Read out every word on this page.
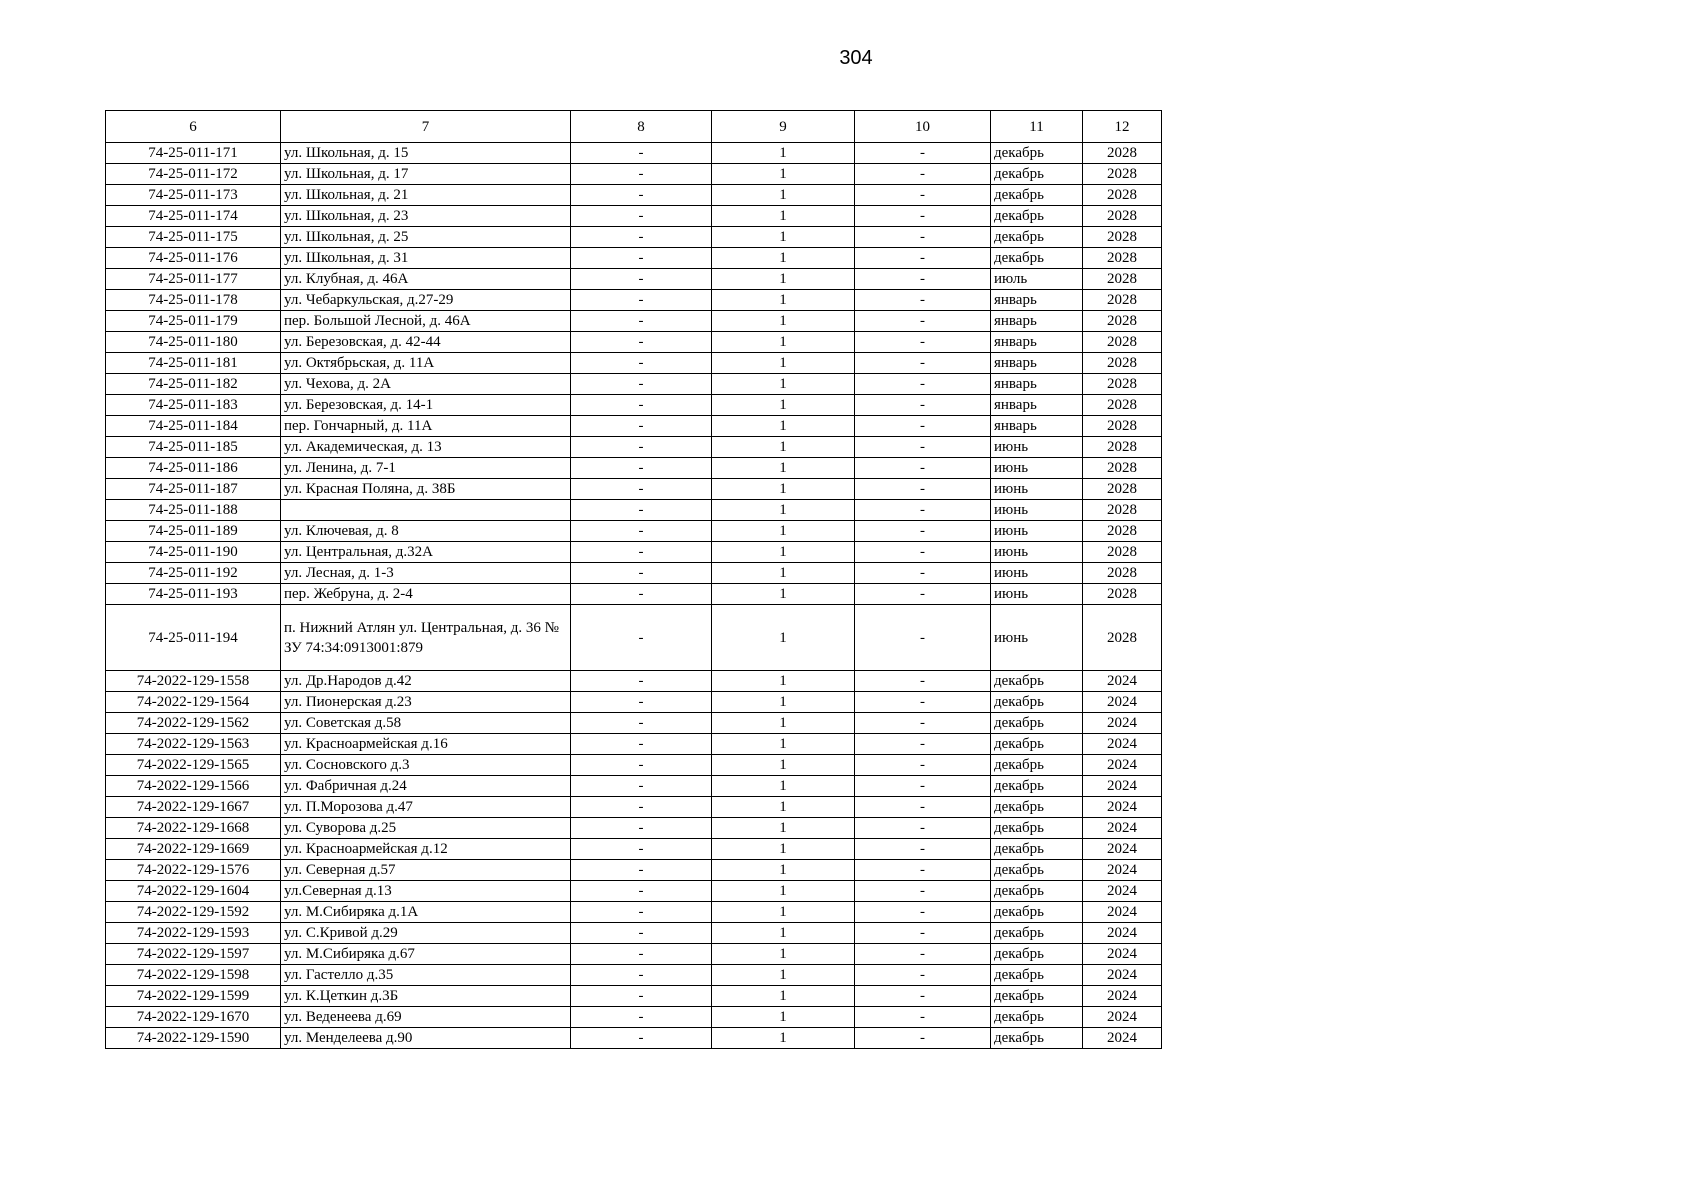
304
6	7	8	9	10	11	12
74-25-011-171	ул. Школьная, д. 15	-	1	-	декабрь	2028
74-25-011-172	ул. Школьная, д. 17	-	1	-	декабрь	2028
74-25-011-173	ул. Школьная, д. 21	-	1	-	декабрь	2028
74-25-011-174	ул. Школьная, д. 23	-	1	-	декабрь	2028
74-25-011-175	ул. Школьная, д. 25	-	1	-	декабрь	2028
74-25-011-176	ул. Школьная, д. 31	-	1	-	декабрь	2028
74-25-011-177	ул. Клубная, д. 46А	-	1	-	июль	2028
74-25-011-178	ул. Чебаркульская, д.27-29	-	1	-	январь	2028
74-25-011-179	пер. Большой Лесной, д. 46А	-	1	-	январь	2028
74-25-011-180	ул. Березовская, д. 42-44	-	1	-	январь	2028
74-25-011-181	ул. Октябрьская, д. 11А	-	1	-	январь	2028
74-25-011-182	ул. Чехова, д. 2А	-	1	-	январь	2028
74-25-011-183	ул. Березовская, д. 14-1	-	1	-	январь	2028
74-25-011-184	пер. Гончарный, д. 11А	-	1	-	январь	2028
74-25-011-185	ул. Академическая, д. 13	-	1	-	июнь	2028
74-25-011-186	ул. Ленина, д. 7-1	-	1	-	июнь	2028
74-25-011-187	ул. Красная Поляна, д. 38Б	-	1	-	июнь	2028
74-25-011-188		-	1	-	июнь	2028
74-25-011-189	ул. Ключевая, д. 8	-	1	-	июнь	2028
74-25-011-190	ул. Центральная, д.32А	-	1	-	июнь	2028
74-25-011-192	ул. Лесная, д. 1-3	-	1	-	июнь	2028
74-25-011-193	пер. Жебруна, д. 2-4	-	1	-	июнь	2028
74-25-011-194	п. Нижний Атлян ул. Центральная, д. 36 № ЗУ 74:34:0913001:879	-	1	-	июнь	2028
74-2022-129-1558	ул. Др.Народов д.42	-	1	-	декабрь	2024
74-2022-129-1564	ул. Пионерская д.23	-	1	-	декабрь	2024
74-2022-129-1562	ул. Советская д.58	-	1	-	декабрь	2024
74-2022-129-1563	ул. Красноармейская д.16	-	1	-	декабрь	2024
74-2022-129-1565	ул. Сосновского д.3	-	1	-	декабрь	2024
74-2022-129-1566	ул. Фабричная д.24	-	1	-	декабрь	2024
74-2022-129-1667	ул. П.Морозова д.47	-	1	-	декабрь	2024
74-2022-129-1668	ул. Суворова д.25	-	1	-	декабрь	2024
74-2022-129-1669	ул. Красноармейская д.12	-	1	-	декабрь	2024
74-2022-129-1576	ул. Северная д.57	-	1	-	декабрь	2024
74-2022-129-1604	ул.Северная д.13	-	1	-	декабрь	2024
74-2022-129-1592	ул. М.Сибиряка д.1А	-	1	-	декабрь	2024
74-2022-129-1593	ул. С.Кривой д.29	-	1	-	декабрь	2024
74-2022-129-1597	ул. М.Сибиряка д.67	-	1	-	декабрь	2024
74-2022-129-1598	ул. Гастелло д.35	-	1	-	декабрь	2024
74-2022-129-1599	ул. К.Цеткин д.3Б	-	1	-	декабрь	2024
74-2022-129-1670	ул. Веденеева д.69	-	1	-	декабрь	2024
74-2022-129-1590	ул. Менделеева д.90	-	1	-	декабрь	2024
